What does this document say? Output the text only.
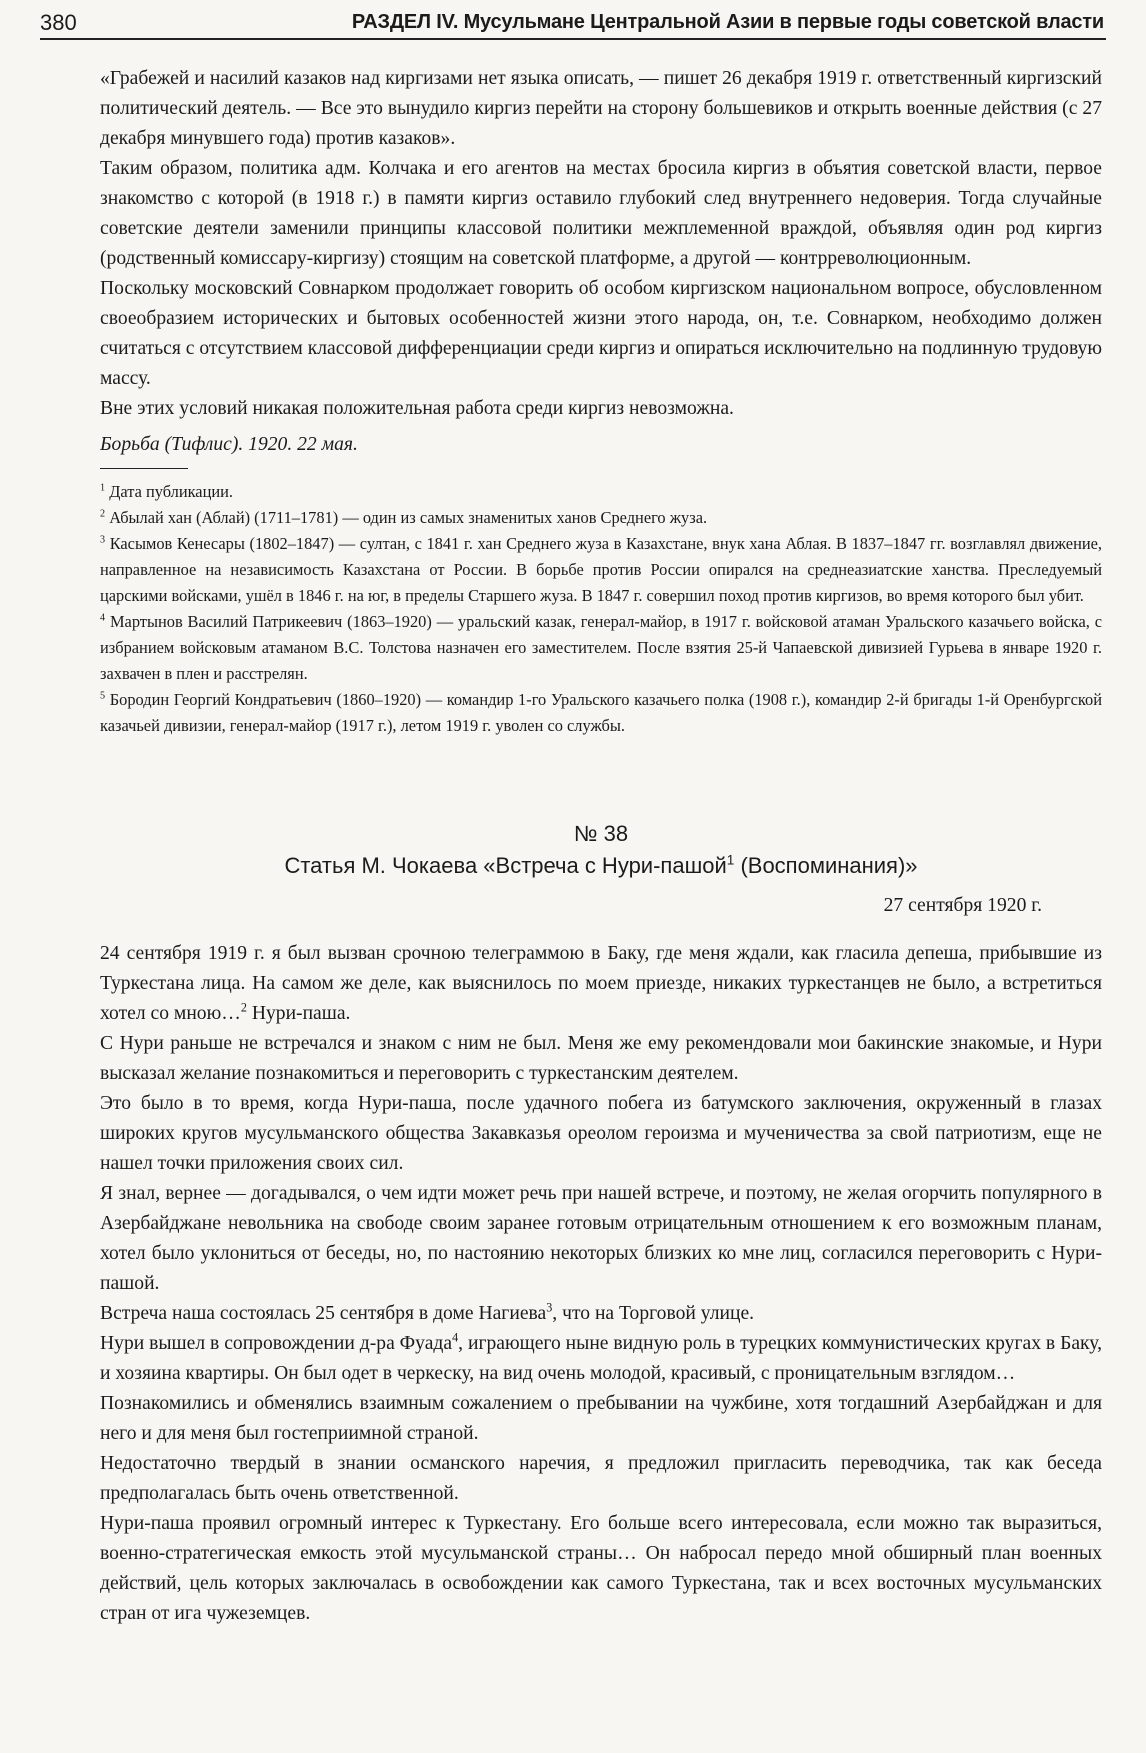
380	РАЗДЕЛ IV. Мусульмане Центральной Азии в первые годы советской власти

«Грабежей и насилий казаков над киргизами нет языка описать, — пишет 26 декабря 1919 г. ответственный киргизский политический деятель. — Все это вынудило киргиз перейти на сторону большевиков и открыть военные действия (с 27 декабря минувшего года) против казаков».

Таким образом, политика адм. Колчака и его агентов на местах бросила киргиз в объятия советской власти, первое знакомство с которой (в 1918 г.) в памяти киргиз оставило глубокий след внутреннего недоверия. Тогда случайные советские деятели заменили принципы классовой политики межплеменной враждой, объявляя один род киргиз (родственный комиссару-киргизу) стоящим на советской платформе, а другой — контрреволюционным.

Поскольку московский Совнарком продолжает говорить об особом киргизском национальном вопросе, обусловленном своеобразием исторических и бытовых особенностей жизни этого народа, он, т.е. Совнарком, необходимо должен считаться с отсутствием классовой дифференциации среди киргиз и опираться исключительно на подлинную трудовую массу.

Вне этих условий никакая положительная работа среди киргиз невозможна.

Борьба (Тифлис). 1920. 22 мая.

$^1$ Дата публикации.

$^2$ Абылай хан (Аблай) (1711–1781) — один из самых знаменитых ханов Среднего жуза.

$^3$ Касымов Кенесары (1802–1847) — султан, с 1841 г. хан Среднего жуза в Казахстане, внук хана Аблая. В 1837–1847 гг. возглавлял движение, направленное на независимость Казахстана от России. В борьбе против России опирался на среднеазиатские ханства. Преследуемый царскими войсками, ушёл в 1846 г. на юг, в пределы Старшего жуза. В 1847 г. совершил поход против киргизов, во время которого был убит.

$^4$ Мартынов Василий Патрикеевич (1863–1920) — уральский казак, генерал-майор, в 1917 г. войсковой атаман Уральского казачьего войска, с избранием войсковым атаманом В.С. Толстова назначен его заместителем. После взятия 25-й Чапаевской дивизией Гурьева в январе 1920 г. захвачен в плен и расстрелян.

$^5$ Бородин Георгий Кондратьевич (1860–1920) — командир 1-го Уральского казачьего полка (1908 г.), командир 2-й бригады 1-й Оренбургской казачьей дивизии, генерал-майор (1917 г.), летом 1919 г. уволен со службы.

№ 38
Статья М. Чокаева «Встреча с Нури-пашой$^1$ (Воспоминания)»
27 сентября 1920 г.

24 сентября 1919 г. я был вызван срочною телеграммою в Баку, где меня ждали, как гласила депеша, прибывшие из Туркестана лица. На самом же деле, как выяснилось по моем приезде, никаких туркестанцев не было, а встретиться хотел со мною…$^2$ Нури-паша.

С Нури раньше не встречался и знаком с ним не был. Меня же ему рекомендовали мои бакинские знакомые, и Нури высказал желание познакомиться и переговорить с туркестанским деятелем.

Это было в то время, когда Нури-паша, после удачного побега из батумского заключения, окруженный в глазах широких кругов мусульманского общества Закавказья ореолом героизма и мученичества за свой патриотизм, еще не нашел точки приложения своих сил.

Я знал, вернее — догадывался, о чем идти может речь при нашей встрече, и поэтому, не желая огорчить популярного в Азербайджане невольника на свободе своим заранее готовым отрицательным отношением к его возможным планам, хотел было уклониться от беседы, но, по настоянию некоторых близких ко мне лиц, согласился переговорить с Нури-пашой.

Встреча наша состоялась 25 сентября в доме Нагиева$^3$, что на Торговой улице.

Нури вышел в сопровождении д-ра Фуада$^4$, играющего ныне видную роль в турецких коммунистических кругах в Баку, и хозяина квартиры. Он был одет в черкеску, на вид очень молодой, красивый, с проницательным взглядом…

Познакомились и обменялись взаимным сожалением о пребывании на чужбине, хотя тогдашний Азербайджан и для него и для меня был гостеприимной страной.

Недостаточно твердый в знании османского наречия, я предложил пригласить переводчика, так как беседа предполагалась быть очень ответственной.

Нури-паша проявил огромный интерес к Туркестану. Его больше всего интересовала, если можно так выразиться, военно-стратегическая емкость этой мусульманской страны… Он набросал передо мной обширный план военных действий, цель которых заключалась в освобождении как самого Туркестана, так и всех восточных мусульманских стран от ига чужеземцев.
